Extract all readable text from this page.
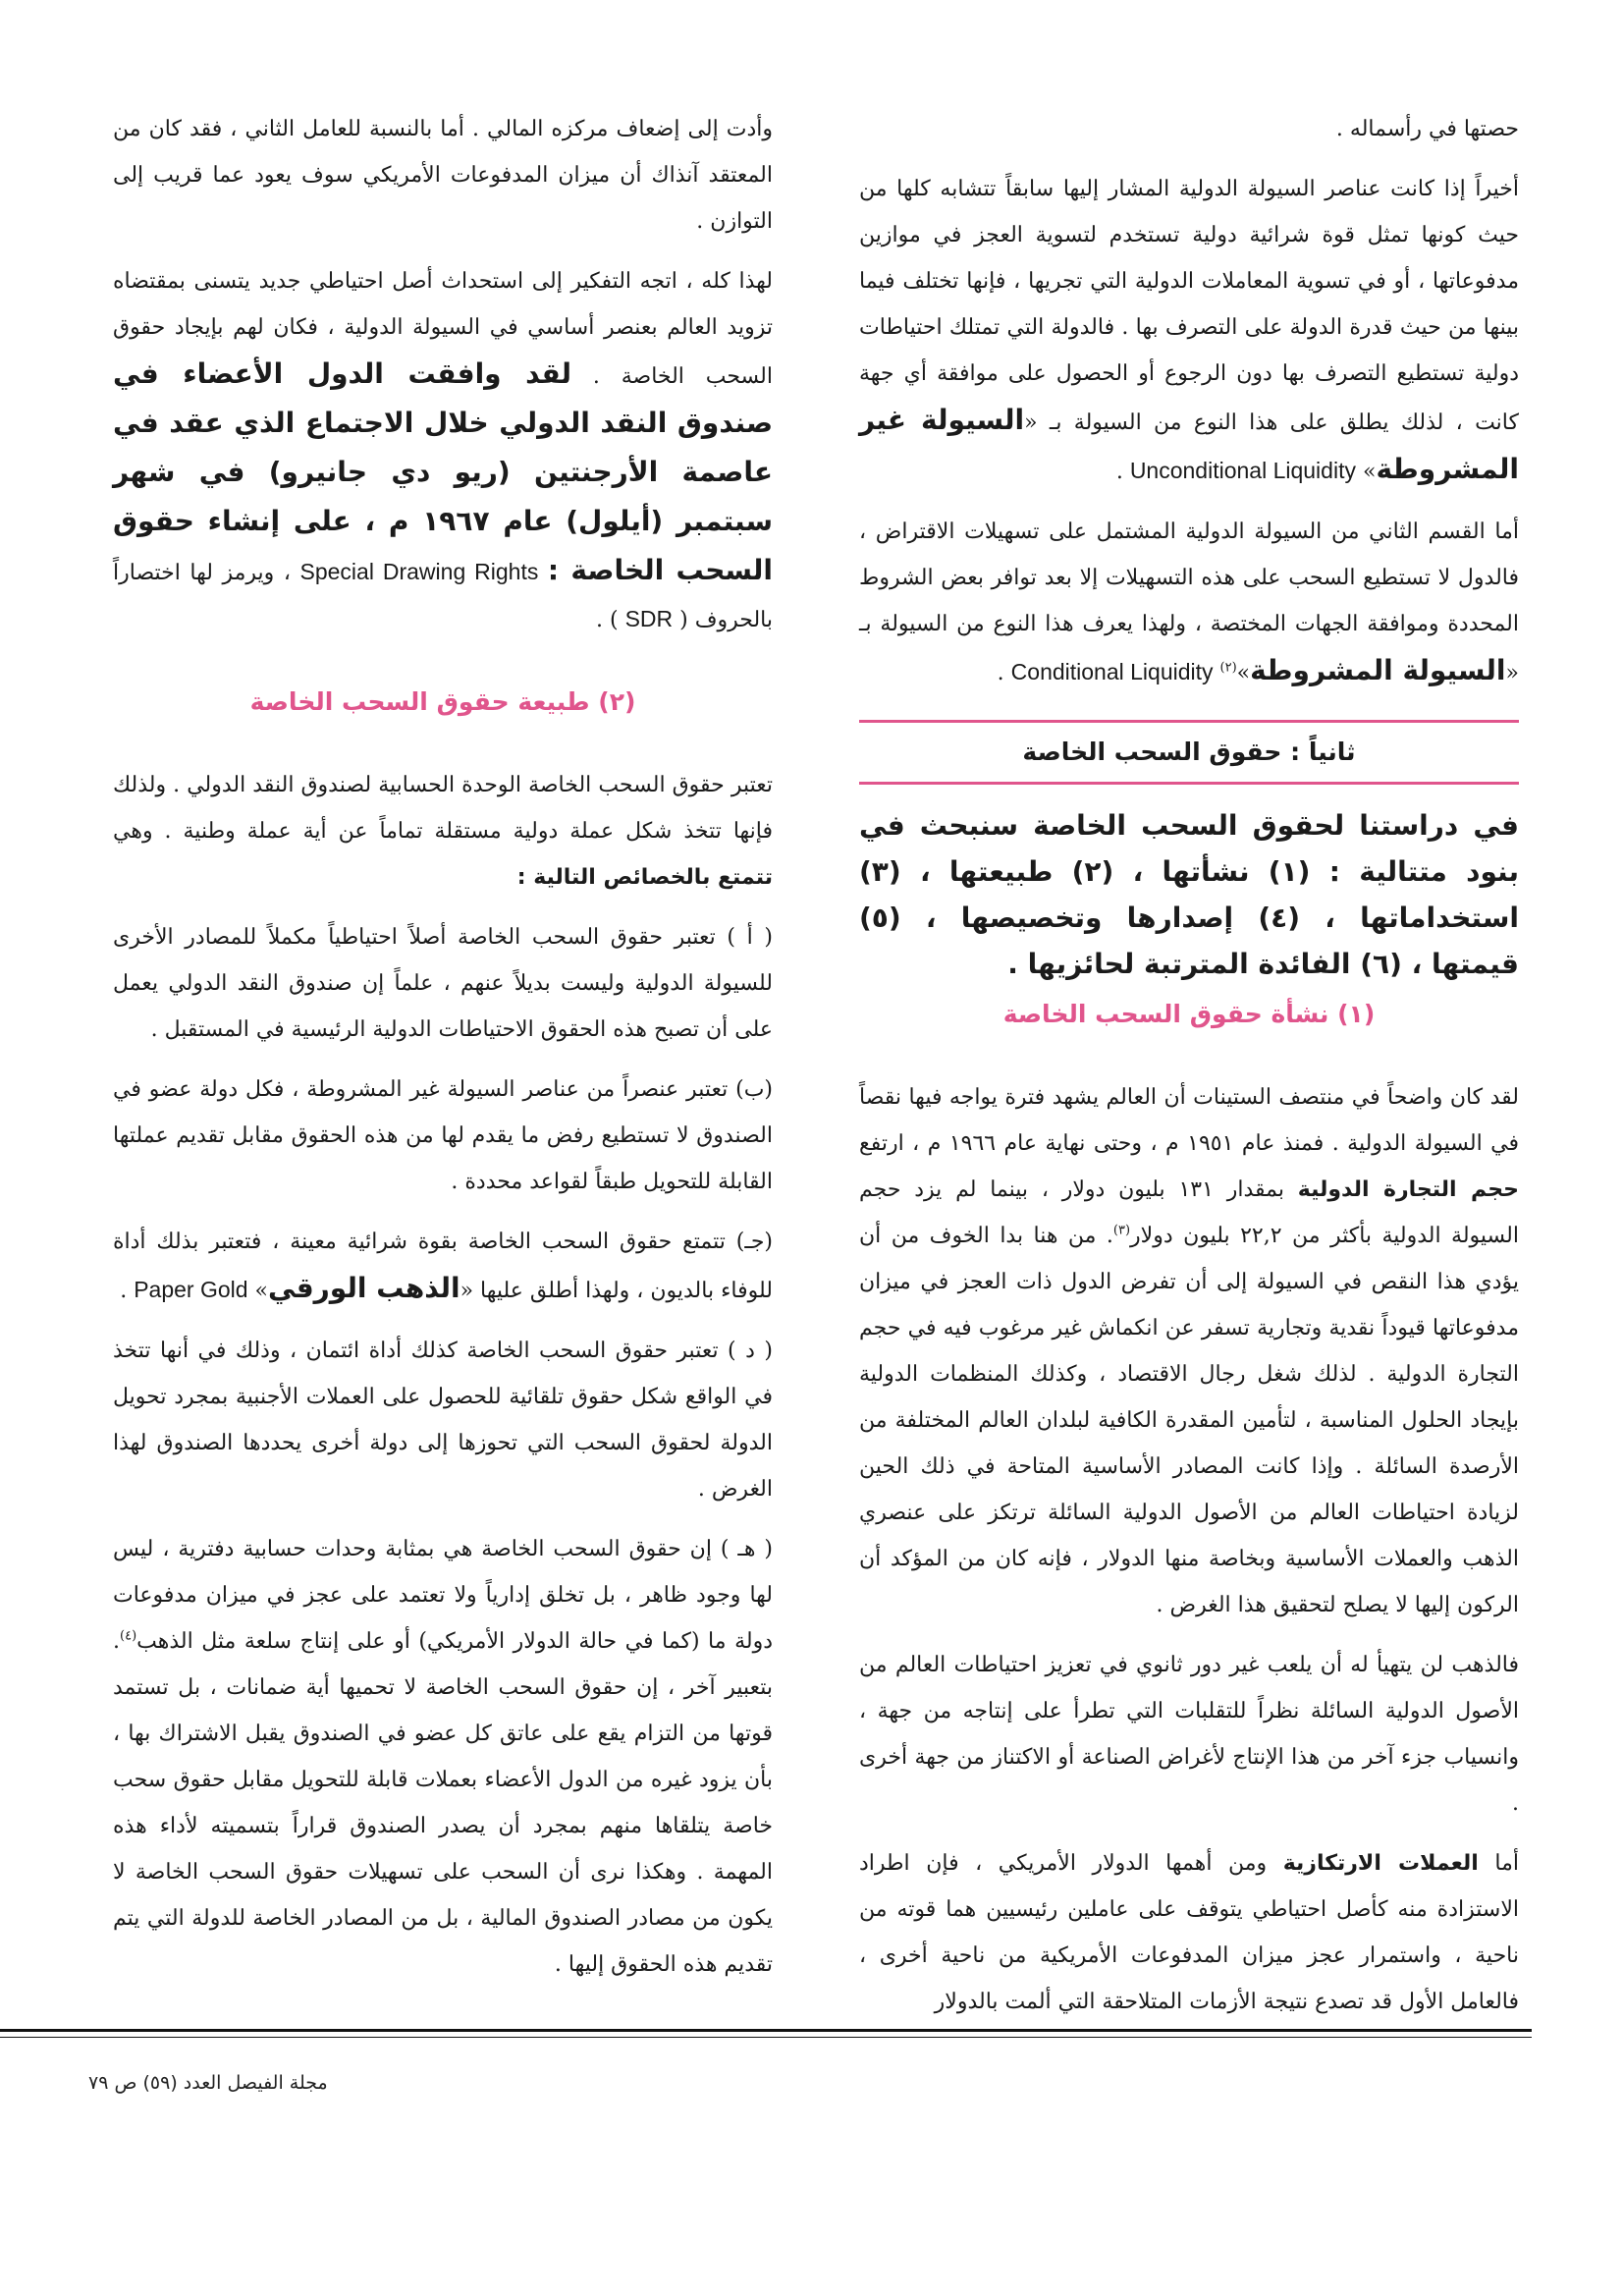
حصتها في رأسماله .

أخيراً إذا كانت عناصر السيولة الدولية المشار إليها سابقاً تتشابه كلها من حيث كونها تمثل قوة شرائية دولية تستخدم لتسوية العجز في موازين مدفوعاتها ، أو في تسوية المعاملات الدولية التي تجريها ، فإنها تختلف فيما بينها من حيث قدرة الدولة على التصرف بها . فالدولة التي تمتلك احتياطات دولية تستطيع التصرف بها دون الرجوع أو الحصول على موافقة أي جهة كانت ، لذلك يطلق على هذا النوع من السيولة بـ «السيولة غير المشروطة» Unconditional Liquidity .

أما القسم الثاني من السيولة الدولية المشتمل على تسهيلات الاقتراض ، فالدول لا تستطيع السحب على هذه التسهيلات إلا بعد توافر بعض الشروط المحددة وموافقة الجهات المختصة ، ولهذا يعرف هذا النوع من السيولة بـ «السيولة المشروطة»$^{(٢)}$ Conditional Liquidity .

ثانياً : حقوق السحب الخاصة

في دراستنا لحقوق السحب الخاصة سنبحث في بنود متتالية : (١) نشأتها ، (٢) طبيعتها ، (٣) استخداماتها ، (٤) إصدارها وتخصيصها ، (٥) قيمتها ، (٦) الفائدة المترتبة لحائزيها .

(١) نشأة حقوق السحب الخاصة

لقد كان واضحاً في منتصف الستينات أن العالم يشهد فترة يواجه فيها نقصاً في السيولة الدولية . فمنذ عام ١٩٥١ م ، وحتى نهاية عام ١٩٦٦ م ، ارتفع حجم التجارة الدولية بمقدار ١٣١ بليون دولار ، بينما لم يزد حجم السيولة الدولية بأكثر من ٢٢,٢ بليون دولار$^{(٣)}$. من هنا بدا الخوف من أن يؤدي هذا النقص في السيولة إلى أن تفرض الدول ذات العجز في ميزان مدفوعاتها قيوداً نقدية وتجارية تسفر عن انكماش غير مرغوب فيه في حجم التجارة الدولية . لذلك شغل رجال الاقتصاد ، وكذلك المنظمات الدولية بإيجاد الحلول المناسبة ، لتأمين المقدرة الكافية لبلدان العالم المختلفة من الأرصدة السائلة . وإذا كانت المصادر الأساسية المتاحة في ذلك الحين لزيادة احتياطات العالم من الأصول الدولية السائلة ترتكز على عنصري الذهب والعملات الأساسية وبخاصة منها الدولار ، فإنه كان من المؤكد أن الركون إليها لا يصلح لتحقيق هذا الغرض .

فالذهب لن يتهيأ له أن يلعب غير دور ثانوي في تعزيز احتياطات العالم من الأصول الدولية السائلة نظراً للتقلبات التي تطرأ على إنتاجه من جهة ، وانسياب جزء آخر من هذا الإنتاج لأغراض الصناعة أو الاكتناز من جهة أخرى .

أما العملات الارتكازية ومن أهمها الدولار الأمريكي ، فإن اطراد الاستزادة منه كأصل احتياطي يتوقف على عاملين رئيسيين هما قوته من ناحية ، واستمرار عجز ميزان المدفوعات الأمريكية من ناحية أخرى ، فالعامل الأول قد تصدع نتيجة الأزمات المتلاحقة التي ألمت بالدولار

وأدت إلى إضعاف مركزه المالي . أما بالنسبة للعامل الثاني ، فقد كان من المعتقد آنذاك أن ميزان المدفوعات الأمريكي سوف يعود عما قريب إلى التوازن .

لهذا كله ، اتجه التفكير إلى استحداث أصل احتياطي جديد يتسنى بمقتضاه تزويد العالم بعنصر أساسي في السيولة الدولية ، فكان لهم بإيجاد حقوق السحب الخاصة . لقد وافقت الدول الأعضاء في صندوق النقد الدولي خلال الاجتماع الذي عقد في عاصمة الأرجنتين (ريو دي جانيرو) في شهر سبتمبر (أيلول) عام ١٩٦٧ م ، على إنشاء حقوق السحب الخاصة : Special Drawing Rights ، ويرمز لها اختصاراً بالحروف ( SDR ) .

(٢) طبيعة حقوق السحب الخاصة

تعتبر حقوق السحب الخاصة الوحدة الحسابية لصندوق النقد الدولي . ولذلك فإنها تتخذ شكل عملة دولية مستقلة تماماً عن أية عملة وطنية . وهي تتمتع بالخصائص التالية :

( أ ) تعتبر حقوق السحب الخاصة أصلاً احتياطياً مكملاً للمصادر الأخرى للسيولة الدولية وليست بديلاً عنهم ، علماً إن صندوق النقد الدولي يعمل على أن تصبح هذه الحقوق الاحتياطات الدولية الرئيسية في المستقبل .

(ب) تعتبر عنصراً من عناصر السيولة غير المشروطة ، فكل دولة عضو في الصندوق لا تستطيع رفض ما يقدم لها من هذه الحقوق مقابل تقديم عملتها القابلة للتحويل طبقاً لقواعد محددة .

(جـ) تتمتع حقوق السحب الخاصة بقوة شرائية معينة ، فتعتبر بذلك أداة للوفاء بالديون ، ولهذا أطلق عليها «الذهب الورقي» Paper Gold .

( د ) تعتبر حقوق السحب الخاصة كذلك أداة ائتمان ، وذلك في أنها تتخذ في الواقع شكل حقوق تلقائية للحصول على العملات الأجنبية بمجرد تحويل الدولة لحقوق السحب التي تحوزها إلى دولة أخرى يحددها الصندوق لهذا الغرض .

( هـ ) إن حقوق السحب الخاصة هي بمثابة وحدات حسابية دفترية ، ليس لها وجود ظاهر ، بل تخلق إدارياً ولا تعتمد على عجز في ميزان مدفوعات دولة ما (كما في حالة الدولار الأمريكي) أو على إنتاج سلعة مثل الذهب$^{(٤)}$. بتعبير آخر ، إن حقوق السحب الخاصة لا تحميها أية ضمانات ، بل تستمد قوتها من التزام يقع على عاتق كل عضو في الصندوق يقبل الاشتراك بها ، بأن يزود غيره من الدول الأعضاء بعملات قابلة للتحويل مقابل حقوق سحب خاصة يتلقاها منهم بمجرد أن يصدر الصندوق قراراً بتسميته لأداء هذه المهمة . وهكذا نرى أن السحب على تسهيلات حقوق السحب الخاصة لا يكون من مصادر الصندوق المالية ، بل من المصادر الخاصة للدولة التي يتم تقديم هذه الحقوق إليها .

مجلة الفيصل العدد (٥٩) ص ٧٩
